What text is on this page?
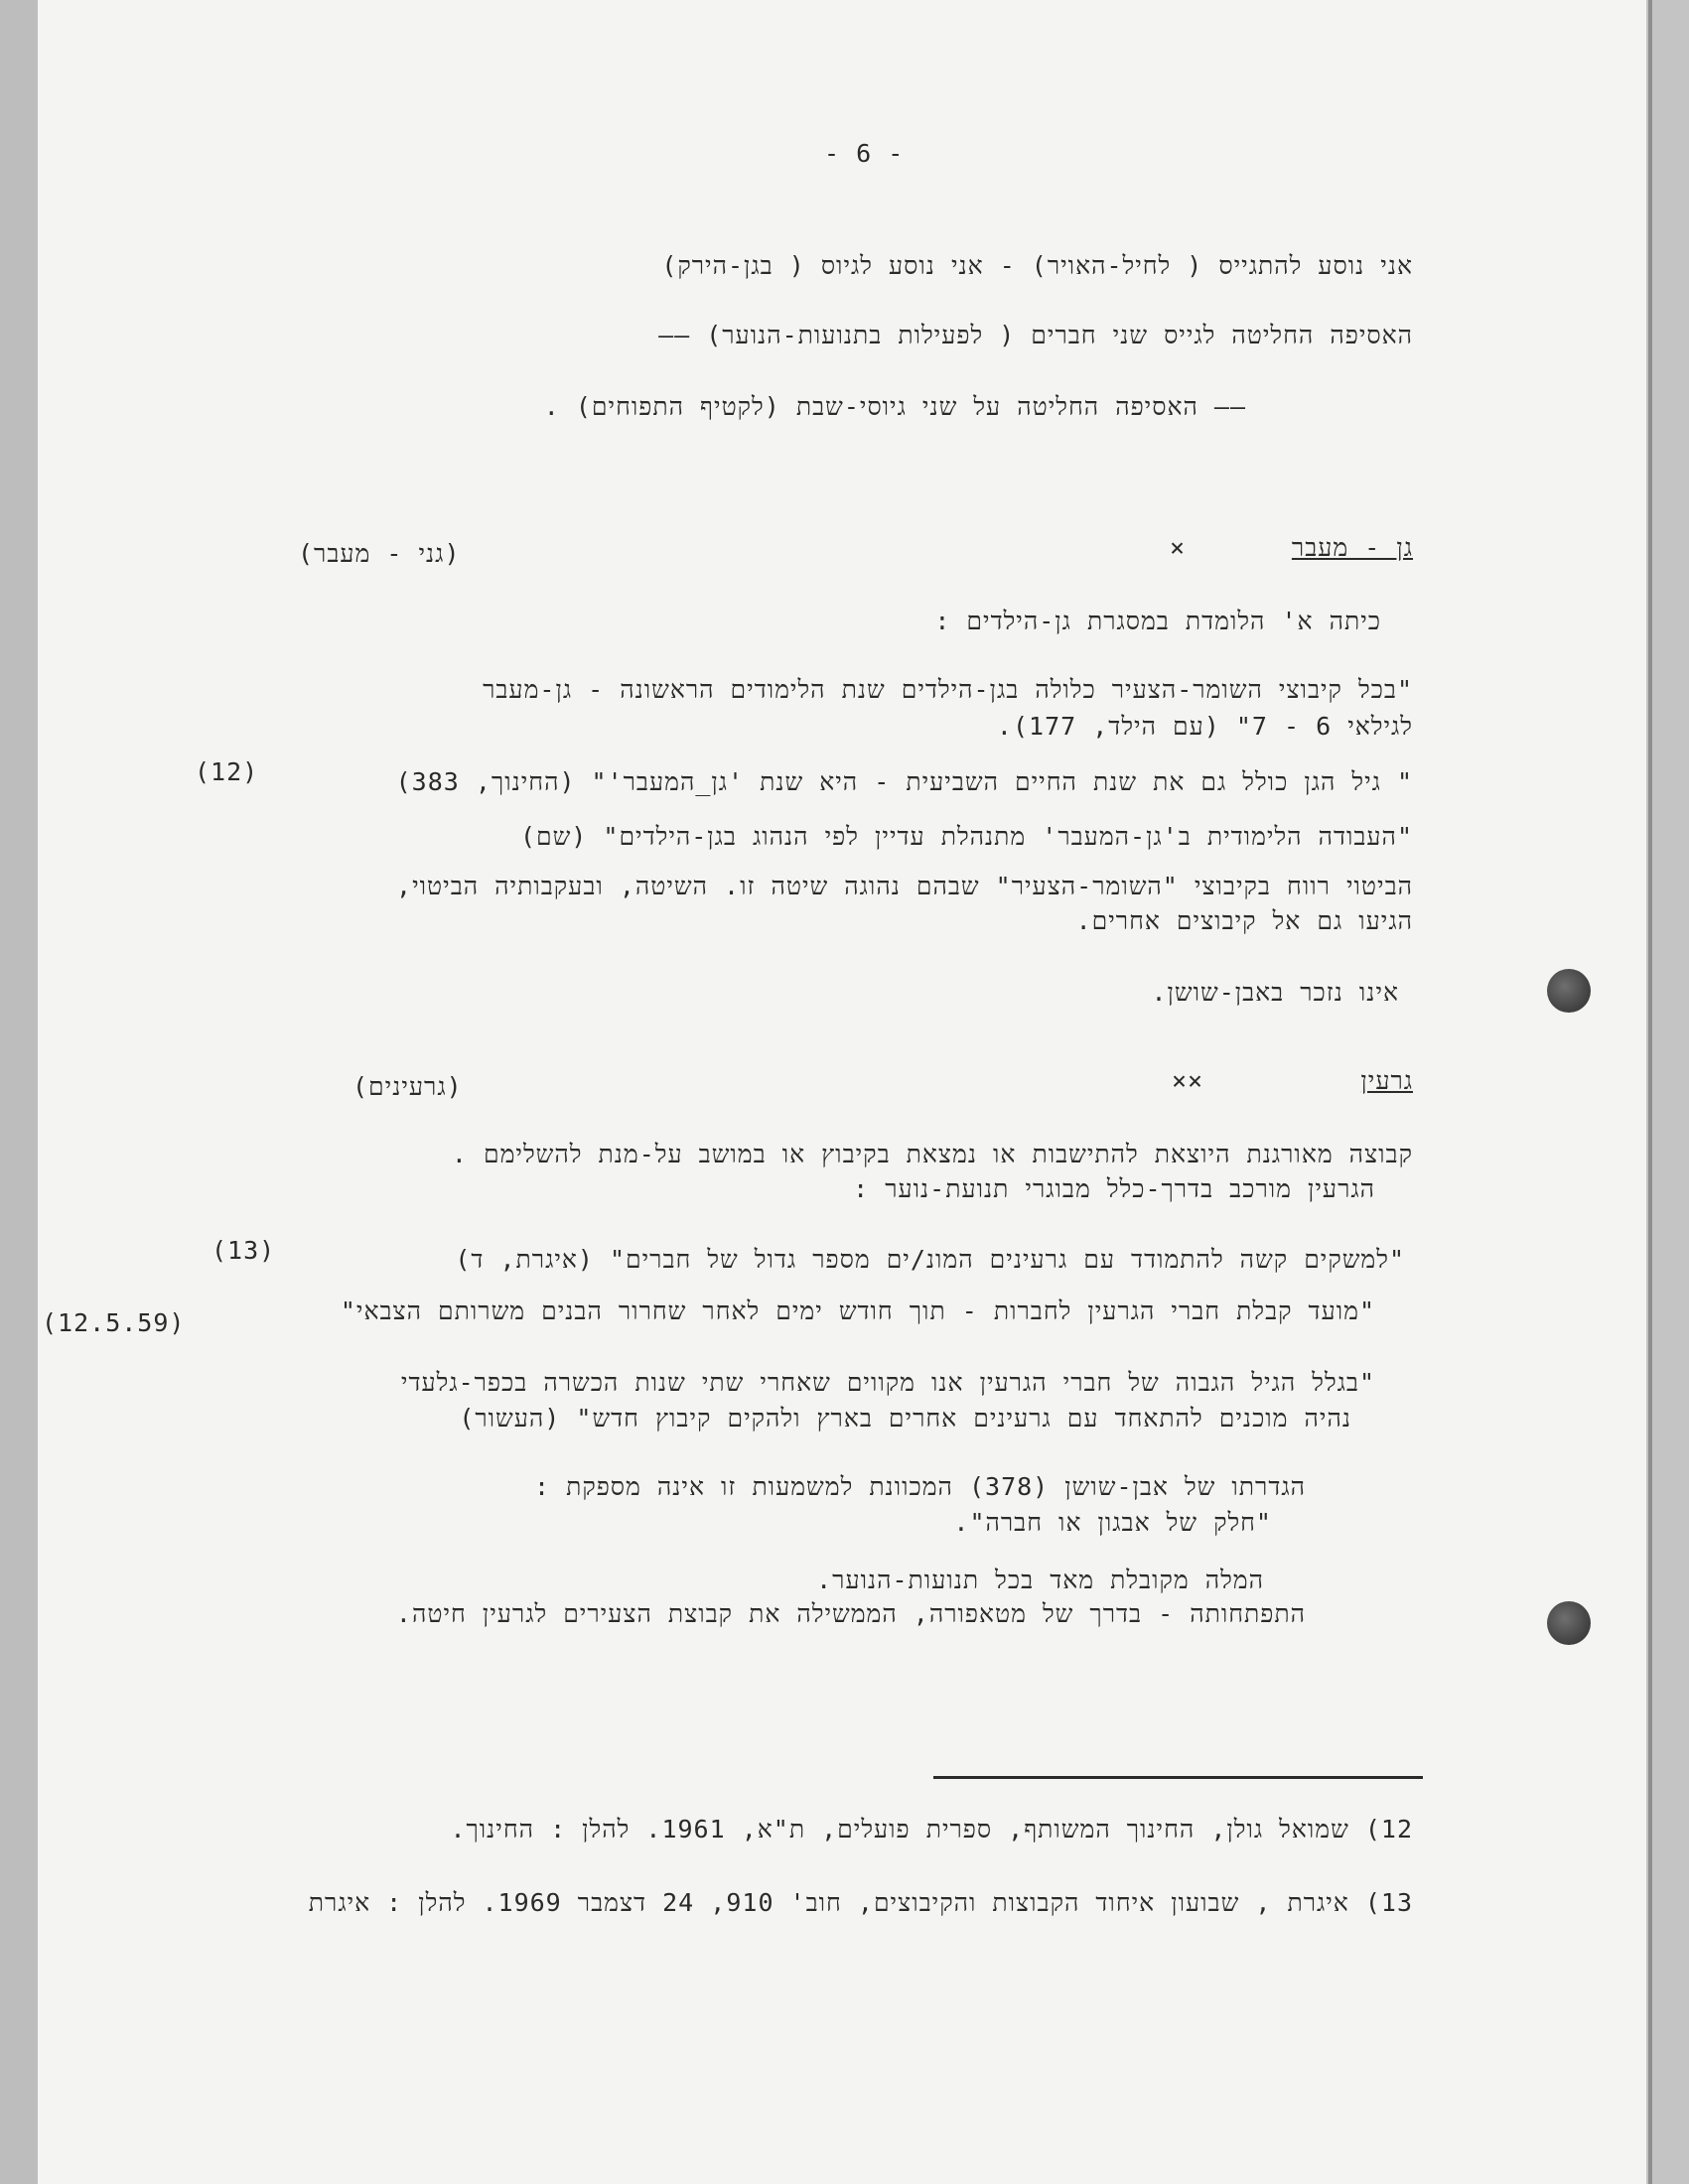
- 6 -
אני נוסע להתגייס ( לחיל-האויר) - אני נוסע לגיוס ( בגן-הירק)
האסיפה החליטה לגייס שני חברים ( לפעילות בתנועות-הנוער) ——
—— האסיפה החליטה על שני גיוסי-שבת (לקטיף התפוחים) .
גן - מעבר
×
(גני - מעבר)
כיתה א' הלומדת במסגרת גן-הילדים :
"בכל קיבוצי השומר-הצעיר כלולה בגן-הילדים שנת הלימודים הראשונה - גן-מעבר
לגילאי 6 - 7" (עם הילד, 177).
" גיל הגן כולל גם את שנת החיים השביעית - היא שנת 'גן_המעבר'" (החינוך, 383)
(12)
"העבודה הלימודית ב'גן-המעבר' מתנהלת עדיין לפי הנהוג בגן-הילדים" (שם)
הביטוי רווח בקיבוצי "השומר-הצעיר" שבהם נהוגה שיטה זו. השיטה, ובעקבותיה הביטוי,
הגיעו גם אל קיבוצים אחרים.
אינו נזכר באבן-שושן.
גרעין
××
(גרעינים)
קבוצה מאורגנת היוצאת להתישבות או נמצאת בקיבוץ או במושב על-מנת להשלימם .
הגרעין מורכב בדרך-כלל מבוגרי תנועת-נוער :
"למשקים קשה להתמודד עם גרעינים המונ/ים מספר גדול של חברים" (איגרת, ד)
(13)
"מועד קבלת חברי הגרעין לחברות - תוך חודש ימים לאחר שחרור הבנים משרותם הצבאי"
(12.5.59)
"בגלל הגיל הגבוה של חברי הגרעין אנו מקווים שאחרי שתי שנות הכשרה בכפר-גלעדי
נהיה מוכנים להתאחד עם גרעינים אחרים בארץ ולהקים קיבוץ חדש" (העשור)
הגדרתו של אבן-שושן (378) המכוונת למשמעות זו אינה מספקת :
"חלק של אבגון או חברה".
המלה מקובלת מאד בכל תנועות-הנוער.
התפתחותה - בדרך של מטאפורה, הממשילה את קבוצת הצעירים לגרעין חיטה.
12) שמואל גולן, החינוך המשותף, ספרית פועלים, ת"א, 1961. להלן : החינוך.
13) איגרת , שבועון איחוד הקבוצות והקיבוצים, חוב' 910, 24 דצמבר 1969. להלן : איגרת
